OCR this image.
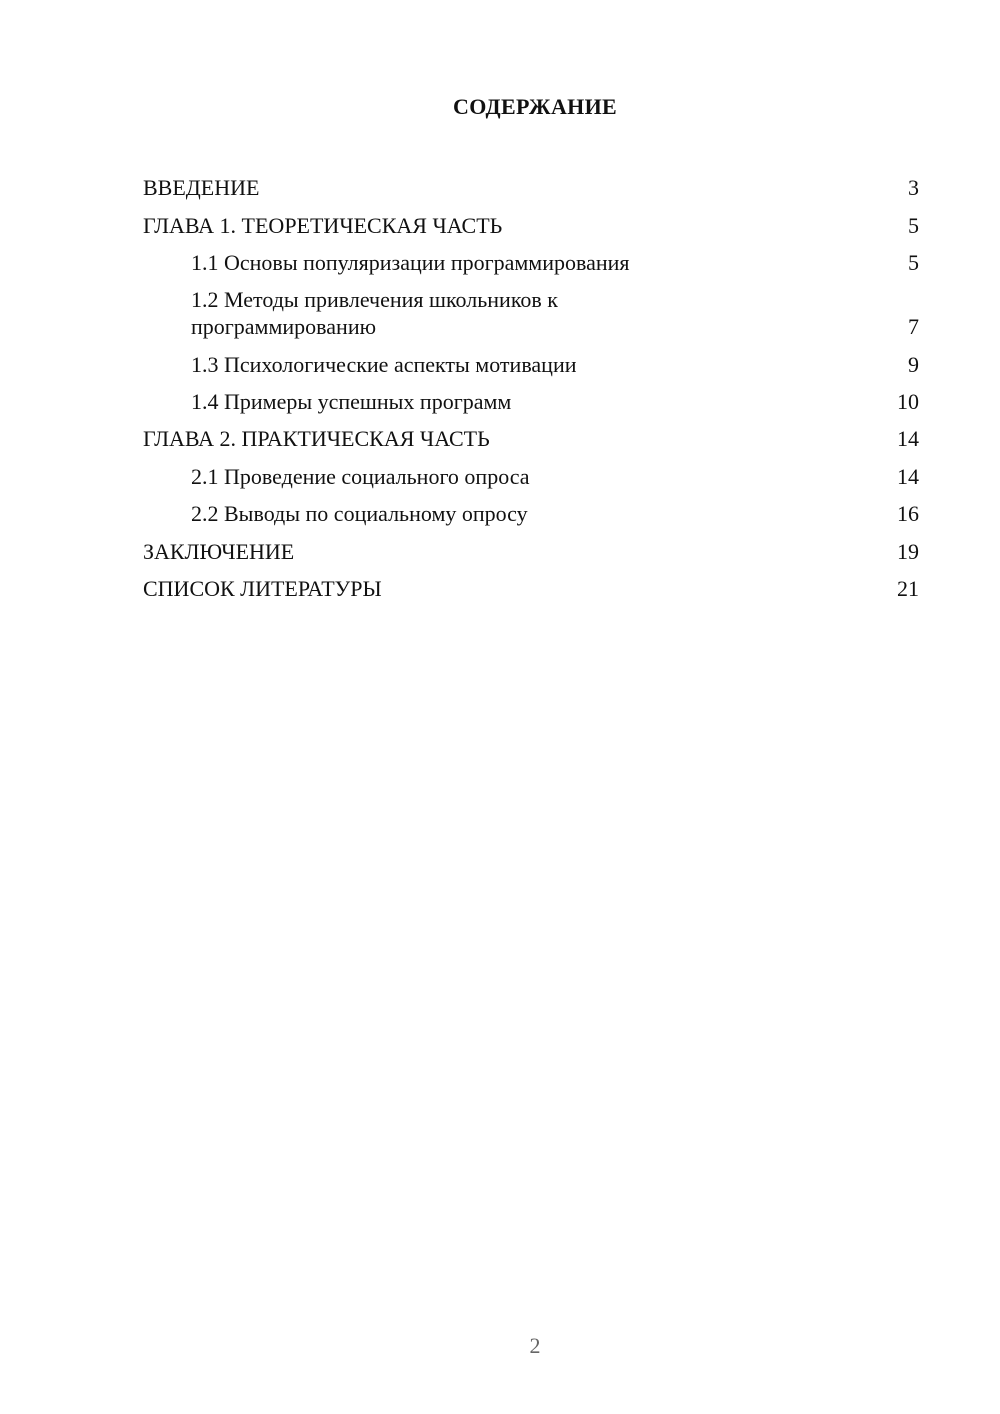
СОДЕРЖАНИЕ
ВВЕДЕНИЕ	3
ГЛАВА 1. ТЕОРЕТИЧЕСКАЯ ЧАСТЬ	5
1.1 Основы популяризации программирования	5
1.2 Методы привлечения школьников к программированию	7
1.3 Психологические аспекты мотивации	9
1.4 Примеры успешных программ	10
ГЛАВА 2. ПРАКТИЧЕСКАЯ ЧАСТЬ	14
2.1 Проведение социального опроса	14
2.2 Выводы по социальному опросу	16
ЗАКЛЮЧЕНИЕ	19
СПИСОК ЛИТЕРАТУРЫ	21
2
